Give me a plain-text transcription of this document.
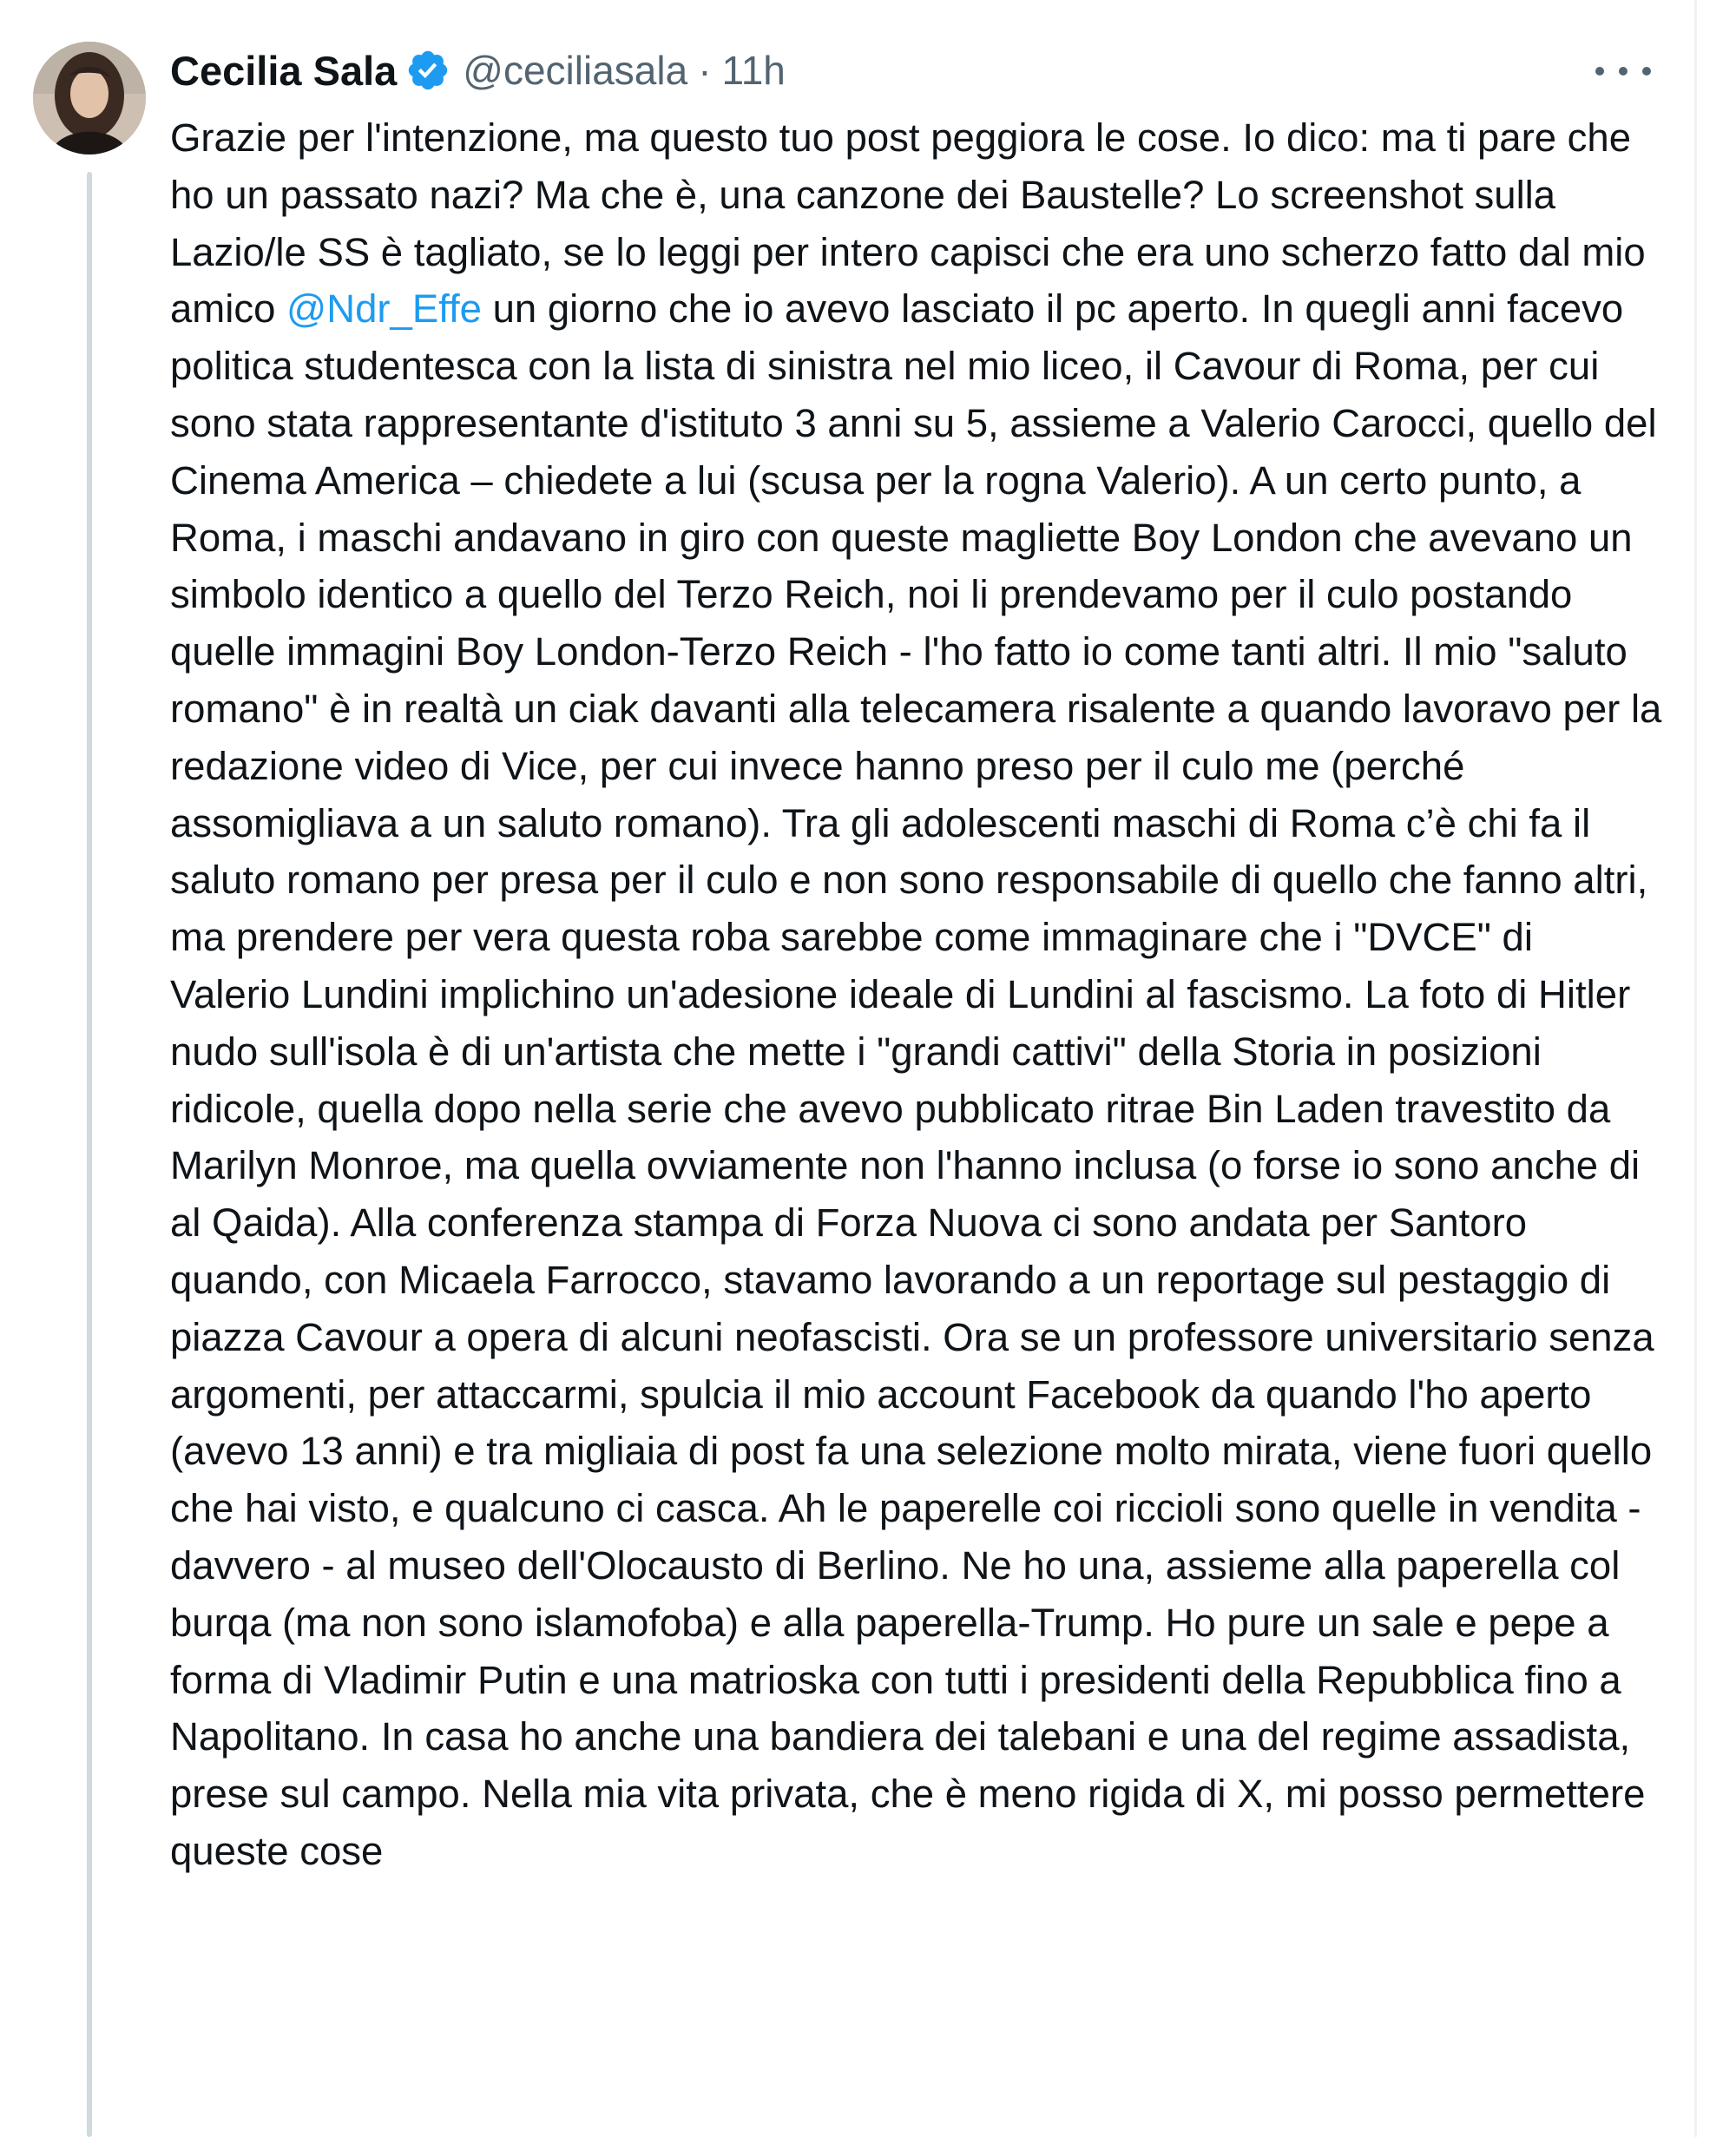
Cecilia Sala @ceciliasala · 11h

Grazie per l'intenzione, ma questo tuo post peggiora le cose. Io dico: ma ti pare che ho un passato nazi? Ma che è, una canzone dei Baustelle? Lo screenshot sulla Lazio/le SS è tagliato, se lo leggi per intero capisci che era uno scherzo fatto dal mio amico @Ndr_Effe un giorno che io avevo lasciato il pc aperto. In quegli anni facevo politica studentesca con la lista di sinistra nel mio liceo, il Cavour di Roma, per cui sono stata rappresentante d'istituto 3 anni su 5, assieme a Valerio Carocci, quello del Cinema America – chiedete a lui (scusa per la rogna Valerio). A un certo punto, a Roma, i maschi andavano in giro con queste magliette Boy London che avevano un simbolo identico a quello del Terzo Reich, noi li prendevamo per il culo postando quelle immagini Boy London-Terzo Reich - l'ho fatto io come tanti altri. Il mio "saluto romano" è in realtà un ciak davanti alla telecamera risalente a quando lavoravo per la redazione video di Vice, per cui invece hanno preso per il culo me (perché assomigliava a un saluto romano). Tra gli adolescenti maschi di Roma c’è chi fa il saluto romano per presa per il culo e non sono responsabile di quello che fanno altri, ma prendere per vera questa roba sarebbe come immaginare che i "DVCE" di Valerio Lundini implichino un'adesione ideale di Lundini al fascismo. La foto di Hitler nudo sull'isola è di un'artista che mette i "grandi cattivi" della Storia in posizioni ridicole, quella dopo nella serie che avevo pubblicato ritrae Bin Laden travestito da Marilyn Monroe, ma quella ovviamente non l'hanno inclusa (o forse io sono anche di al Qaida). Alla conferenza stampa di Forza Nuova ci sono andata per Santoro quando, con Micaela Farrocco, stavamo lavorando a un reportage sul pestaggio di piazza Cavour a opera di alcuni neofascisti. Ora se un professore universitario senza argomenti, per attaccarmi, spulcia il mio account Facebook da quando l'ho aperto (avevo 13 anni) e tra migliaia di post fa una selezione molto mirata, viene fuori quello che hai visto, e qualcuno ci casca. Ah le paperelle coi riccioli sono quelle in vendita - davvero - al museo dell'Olocausto di Berlino. Ne ho una, assieme alla paperella col burqa (ma non sono islamofoba) e alla paperella-Trump. Ho pure un sale e pepe a forma di Vladimir Putin e una matrioska con tutti i presidenti della Repubblica fino a Napolitano. In casa ho anche una bandiera dei talebani e una del regime assadista, prese sul campo. Nella mia vita privata, che è meno rigida di X, mi posso permettere queste cose
